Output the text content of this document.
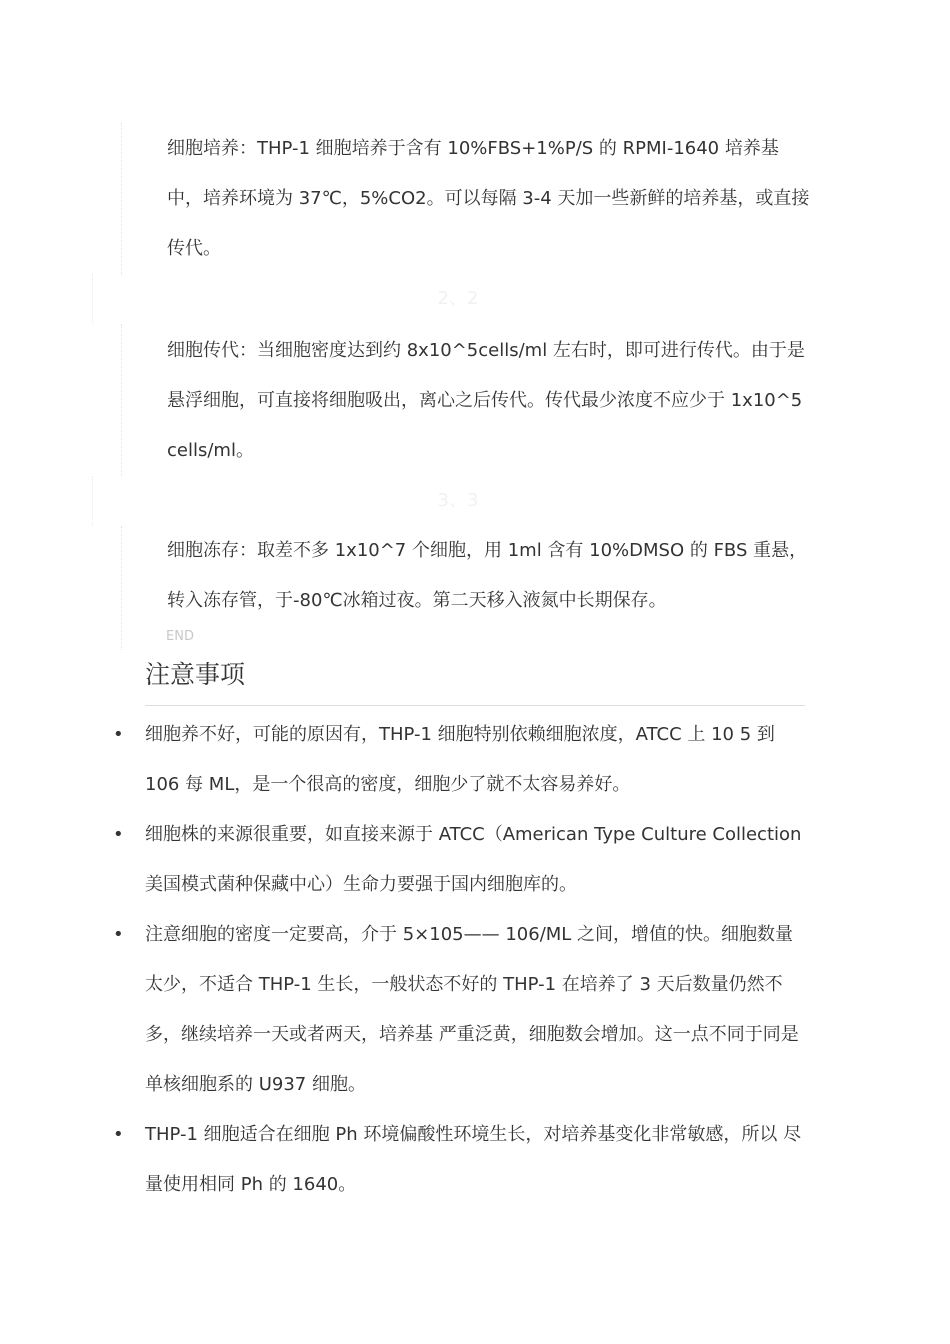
细胞培养：THP-1 细胞培养于含有 10%FBS+1%P/S 的 RPMI-1640 培养基中，培养环境为 37℃，5%CO2。可以每隔 3-4 天加一些新鲜的培养基，或直接传代。

2、2

细胞传代：当细胞密度达到约 8x10^5cells/ml 左右时，即可进行传代。由于是悬浮细胞，可直接将细胞吸出，离心之后传代。传代最少浓度不应少于 1x10^5 cells/ml。

3、3

细胞冻存：取差不多 1x10^7 个细胞，用 1ml 含有 10%DMSO 的 FBS 重悬，转入冻存管，于-80℃冰箱过夜。第二天移入液氮中长期保存。

END
注意事项
• 细胞养不好，可能的原因有，THP-1 细胞特别依赖细胞浓度，ATCC 上 10 5 到 106 每 ML，是一个很高的密度，细胞少了就不太容易养好。
• 细胞株的来源很重要，如直接来源于 ATCC（American Type Culture Collection 美国模式菌种保藏中心）生命力要强于国内细胞库的。
• 注意细胞的密度一定要高，介于 5×105—— 106/ML 之间，增值的快。细胞数量太少，不适合 THP-1 生长，一般状态不好的 THP-1 在培养了 3 天后数量仍然不多，继续培养一天或者两天，培养基 严重泛黄，细胞数会增加。这一点不同于同是单核细胞系的 U937 细胞。
• THP-1 细胞适合在细胞 Ph 环境偏酸性环境生长，对培养基变化非常敏感，所以 尽量使用相同 Ph 的 1640。
